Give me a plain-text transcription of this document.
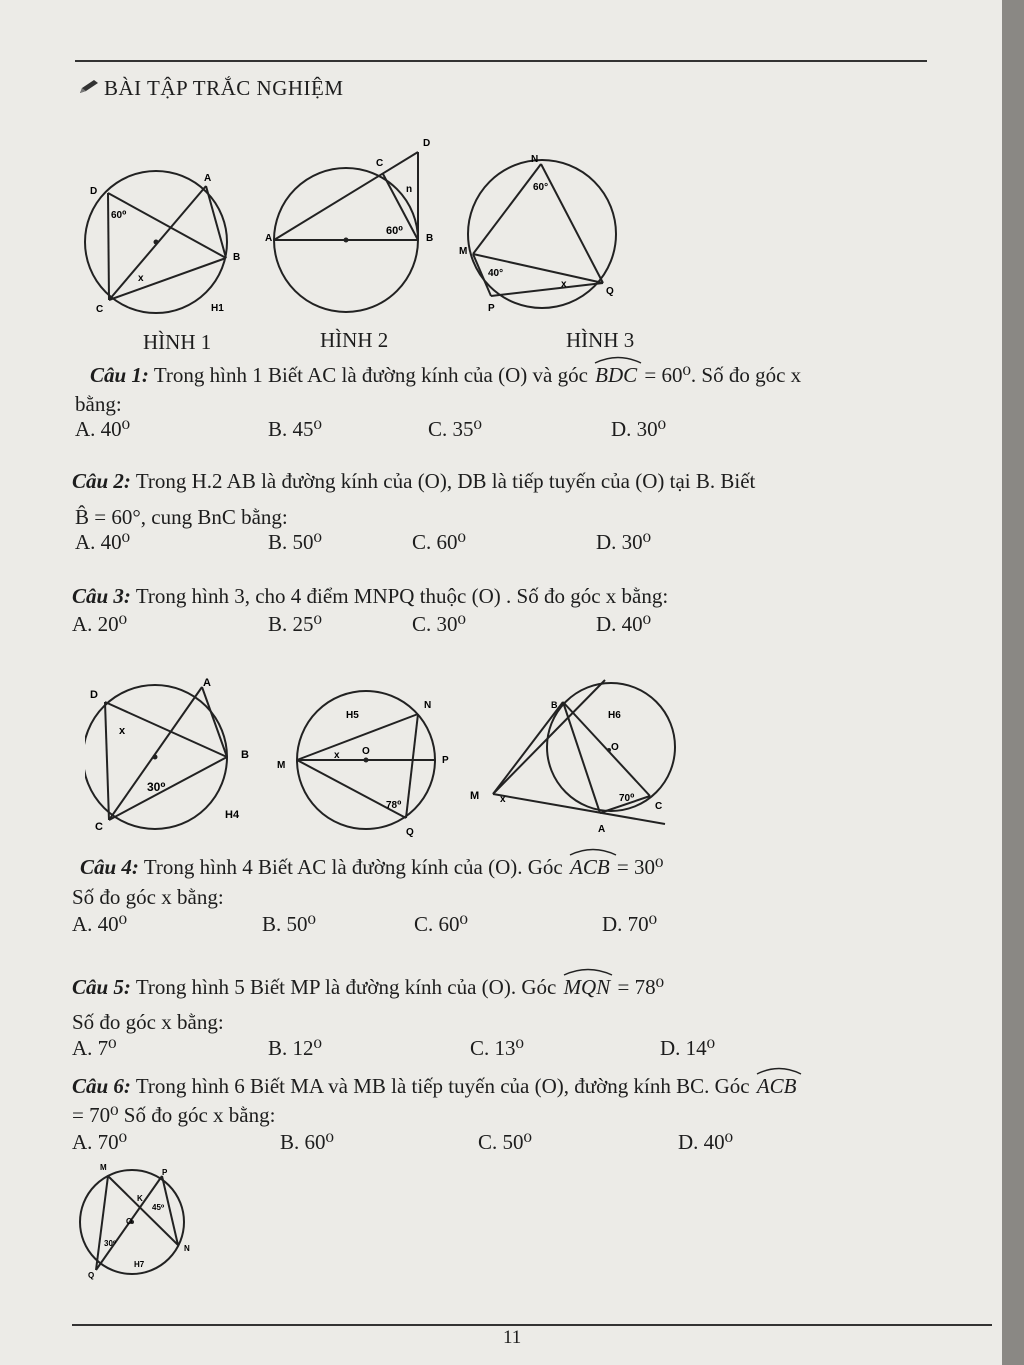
BÀI TẬP TRẮC NGHIỆM
D
A
B
C	H1
60⁰
x
HÌNH 1
D
C
n
A	B
60⁰
HÌNH 2
N
M
P
Q
60°
40°
x
HÌNH 3
Câu 1: Trong hình 1 Biết AC là đường kính của (O) và góc BDC = 60⁰. Số đo góc x
bằng:
A. 40⁰	B. 45⁰	C. 35⁰	D. 30⁰
Câu 2: Trong H.2 AB là đường kính của (O), DB là tiếp tuyến của (O) tại B. Biết
B̂ = 60°, cung BnC bằng:
A. 40⁰	B. 50⁰	C. 60⁰	D. 30⁰
Câu 3: Trong hình 3, cho 4 điểm MNPQ thuộc (O) . Số đo góc x bằng:
A. 20⁰	B. 25⁰	C. 30⁰	D. 40⁰
D
A
B
C
H4
x
30⁰
H5
N
M	P
Q
x O
78⁰
B
H6
O
M x	70⁰
C
A
Câu 4: Trong hình 4 Biết AC là đường kính của (O). Góc ACB = 30⁰
Số đo góc x bằng:
A. 40⁰	B. 50⁰	C. 60⁰	D. 70⁰
Câu 5: Trong hình 5 Biết MP là đường kính của (O). Góc MQN = 78⁰
Số đo góc x bằng:
A. 7⁰	B. 12⁰	C. 13⁰	D. 14⁰
Câu 6: Trong hình 6 Biết MA và MB là tiếp tuyến của (O), đường kính BC. Góc ACB
= 70⁰ Số đo góc x bằng:
A. 70⁰	B. 60⁰	C. 50⁰	D. 40⁰
M
P
K
45⁰
O
30⁰
N
Q
H7
11
